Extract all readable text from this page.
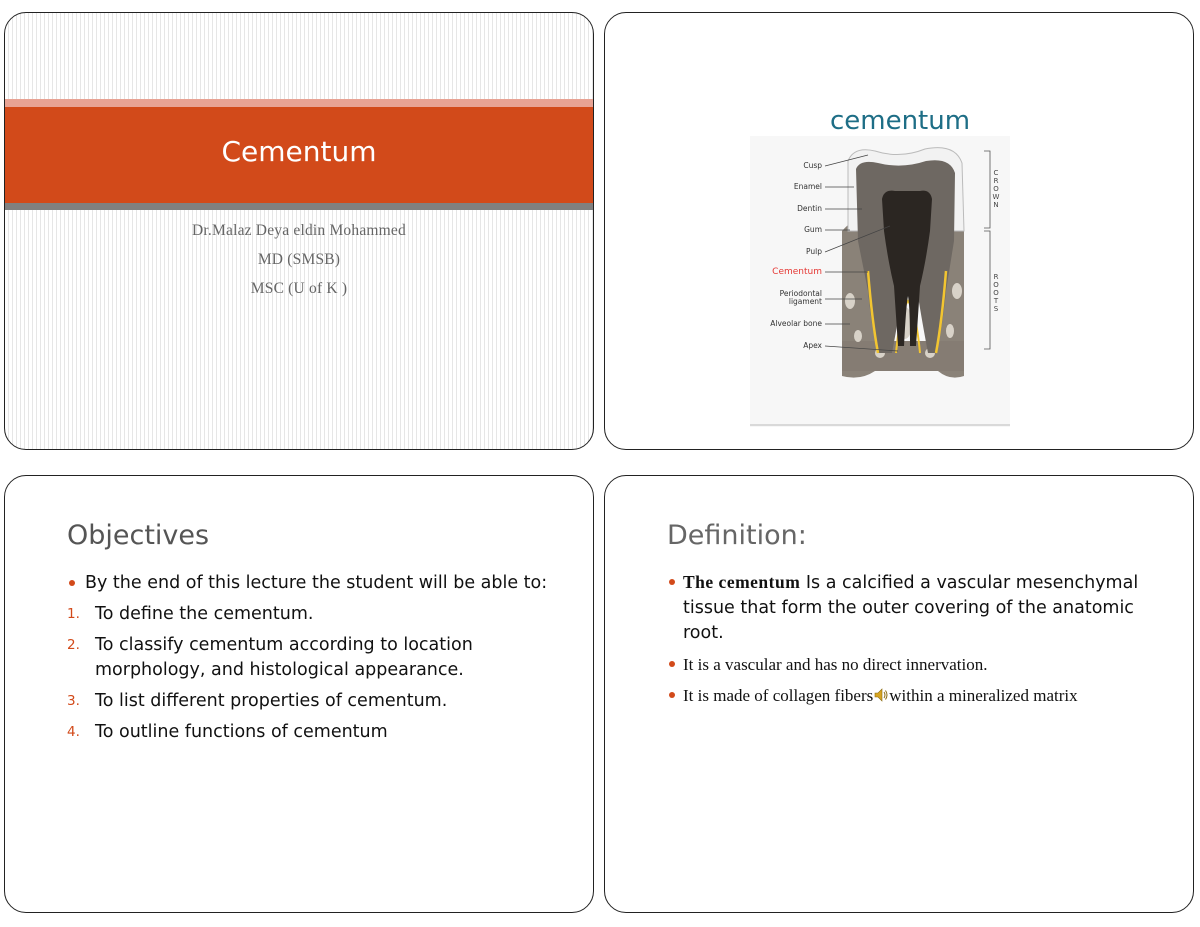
Cementum
Dr.Malaz Deya eldin Mohammed
MD (SMSB)
MSC (U of K )
cementum
Cusp
Enamel
Dentin
Gum
Pulp
Cementum
Periodontal
ligament
Alveolar bone
Apex
C
R
O
W
N
R
O
O
T
S
Objectives
By the end of this lecture the student will be able to:
1. To define the cementum.
2. To classify cementum according to location morphology, and histological appearance.
3. To list different properties of cementum.
4. To outline functions of cementum
Definition:
The cementum Is a calcified a vascular mesenchymal tissue that form the outer covering of the anatomic root.
It is a vascular and has no direct innervation.
It is made of collagen fibers within a mineralized matrix
